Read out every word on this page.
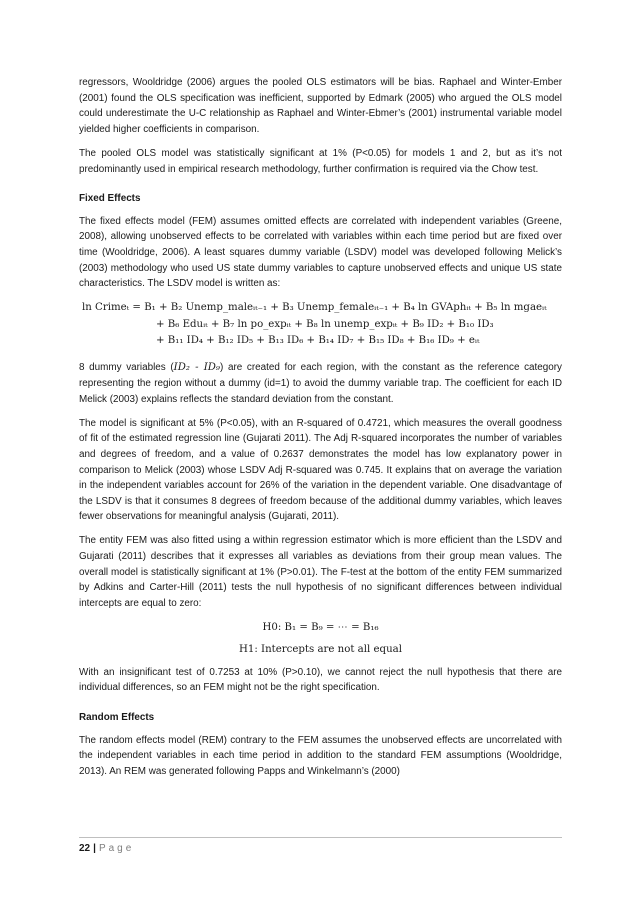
regressors, Wooldridge (2006) argues the pooled OLS estimators will be bias. Raphael and Winter-Ember (2001) found the OLS specification was inefficient, supported by Edmark (2005) who argued the OLS model could underestimate the U-C relationship as Raphael and Winter-Ebmer’s (2001) instrumental variable model yielded higher coefficients in comparison.

The pooled OLS model was statistically significant at 1% (P<0.05) for models 1 and 2, but as it’s not predominantly used in empirical research methodology, further confirmation is required via the Chow test.

Fixed Effects

The fixed effects model (FEM) assumes omitted effects are correlated with independent variables (Greene, 2008), allowing unobserved effects to be correlated with variables within each time period but are fixed over time (Wooldridge, 2006). A least squares dummy variable (LSDV) model was developed following Melick’s (2003) methodology who used US state dummy variables to capture unobserved effects and unique US state characteristics. The LSDV model is written as:

ln Crimeₜ = B₁ + B₂ Unemp_maleᵢₜ₋₁ + B₃ Unemp_femaleᵢₜ₋₁ + B₄ ln GVAphᵢₜ + B₅ ln mgaeᵢₜ
+ B₆ Eduᵢₜ + B₇ ln po_expᵢₜ + B₈ ln unemp_expᵢₜ + B₉ ID₂ + B₁₀ ID₃
+ B₁₁ ID₄ + B₁₂ ID₅ + B₁₃ ID₆ + B₁₄ ID₇ + B₁₅ ID₈ + B₁₆ ID₉ + eᵢₜ

8 dummy variables (ID₂ - ID₉) are created for each region, with the constant as the reference category representing the region without a dummy (id=1) to avoid the dummy variable trap. The coefficient for each ID Melick (2003) explains reflects the standard deviation from the constant.

The model is significant at 5% (P<0.05), with an R-squared of 0.4721, which measures the overall goodness of fit of the estimated regression line (Gujarati 2011). The Adj R-squared incorporates the number of variables and degrees of freedom, and a value of 0.2637 demonstrates the model has low explanatory power in comparison to Melick (2003) whose LSDV Adj R-squared was 0.745. It explains that on average the variation in the independent variables account for 26% of the variation in the dependent variable. One disadvantage of the LSDV is that it consumes 8 degrees of freedom because of the additional dummy variables, which leaves fewer observations for meaningful analysis (Gujarati, 2011).

The entity FEM was also fitted using a within regression estimator which is more efficient than the LSDV and Gujarati (2011) describes that it expresses all variables as deviations from their group mean values. The overall model is statistically significant at 1% (P>0.01). The F-test at the bottom of the entity FEM summarized by Adkins and Carter-Hill (2011) tests the null hypothesis of no significant differences between individual intercepts are equal to zero:

H0: B₁ = B₉ = ⋯ = B₁₆
H1: Intercepts are not all equal

With an insignificant test of 0.7253 at 10% (P>0.10), we cannot reject the null hypothesis that there are individual differences, so an FEM might not be the right specification.

Random Effects

The random effects model (REM) contrary to the FEM assumes the unobserved effects are uncorrelated with the independent variables in each time period in addition to the standard FEM assumptions (Wooldridge, 2013). An REM was generated following Papps and Winkelmann’s (2000)

22 | Page
